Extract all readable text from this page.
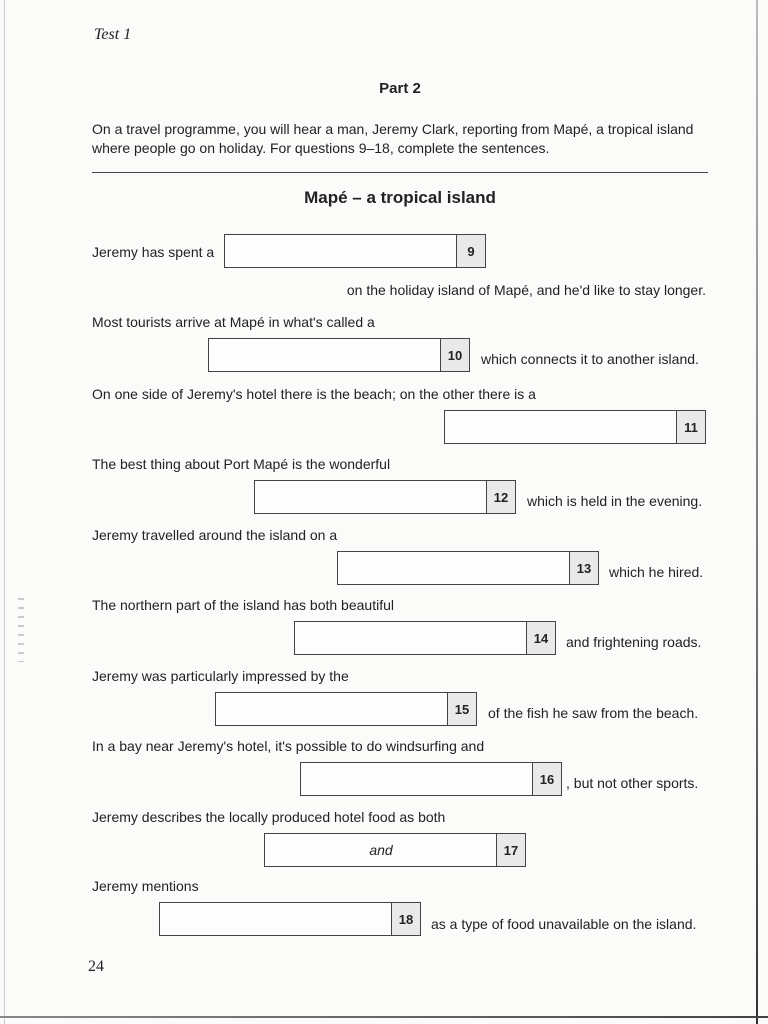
Test 1
Part 2
On a travel programme, you will hear a man, Jeremy Clark, reporting from Mapé, a tropical island where people go on holiday. For questions 9–18, complete the sentences.
Mapé – a tropical island
Jeremy has spent a	9
on the holiday island of Mapé, and he'd like to stay longer.
Most tourists arrive at Mapé in what's called a
10	which connects it to another island.
On one side of Jeremy's hotel there is the beach; on the other there is a
11
The best thing about Port Mapé is the wonderful
12	which is held in the evening.
Jeremy travelled around the island on a
13	which he hired.
The northern part of the island has both beautiful
14	and frightening roads.
Jeremy was particularly impressed by the
15	of the fish he saw from the beach.
In a bay near Jeremy's hotel, it's possible to do windsurfing and
16 , but not other sports.
Jeremy describes the locally produced hotel food as both
and	17
Jeremy mentions
18	as a type of food unavailable on the island.
24
